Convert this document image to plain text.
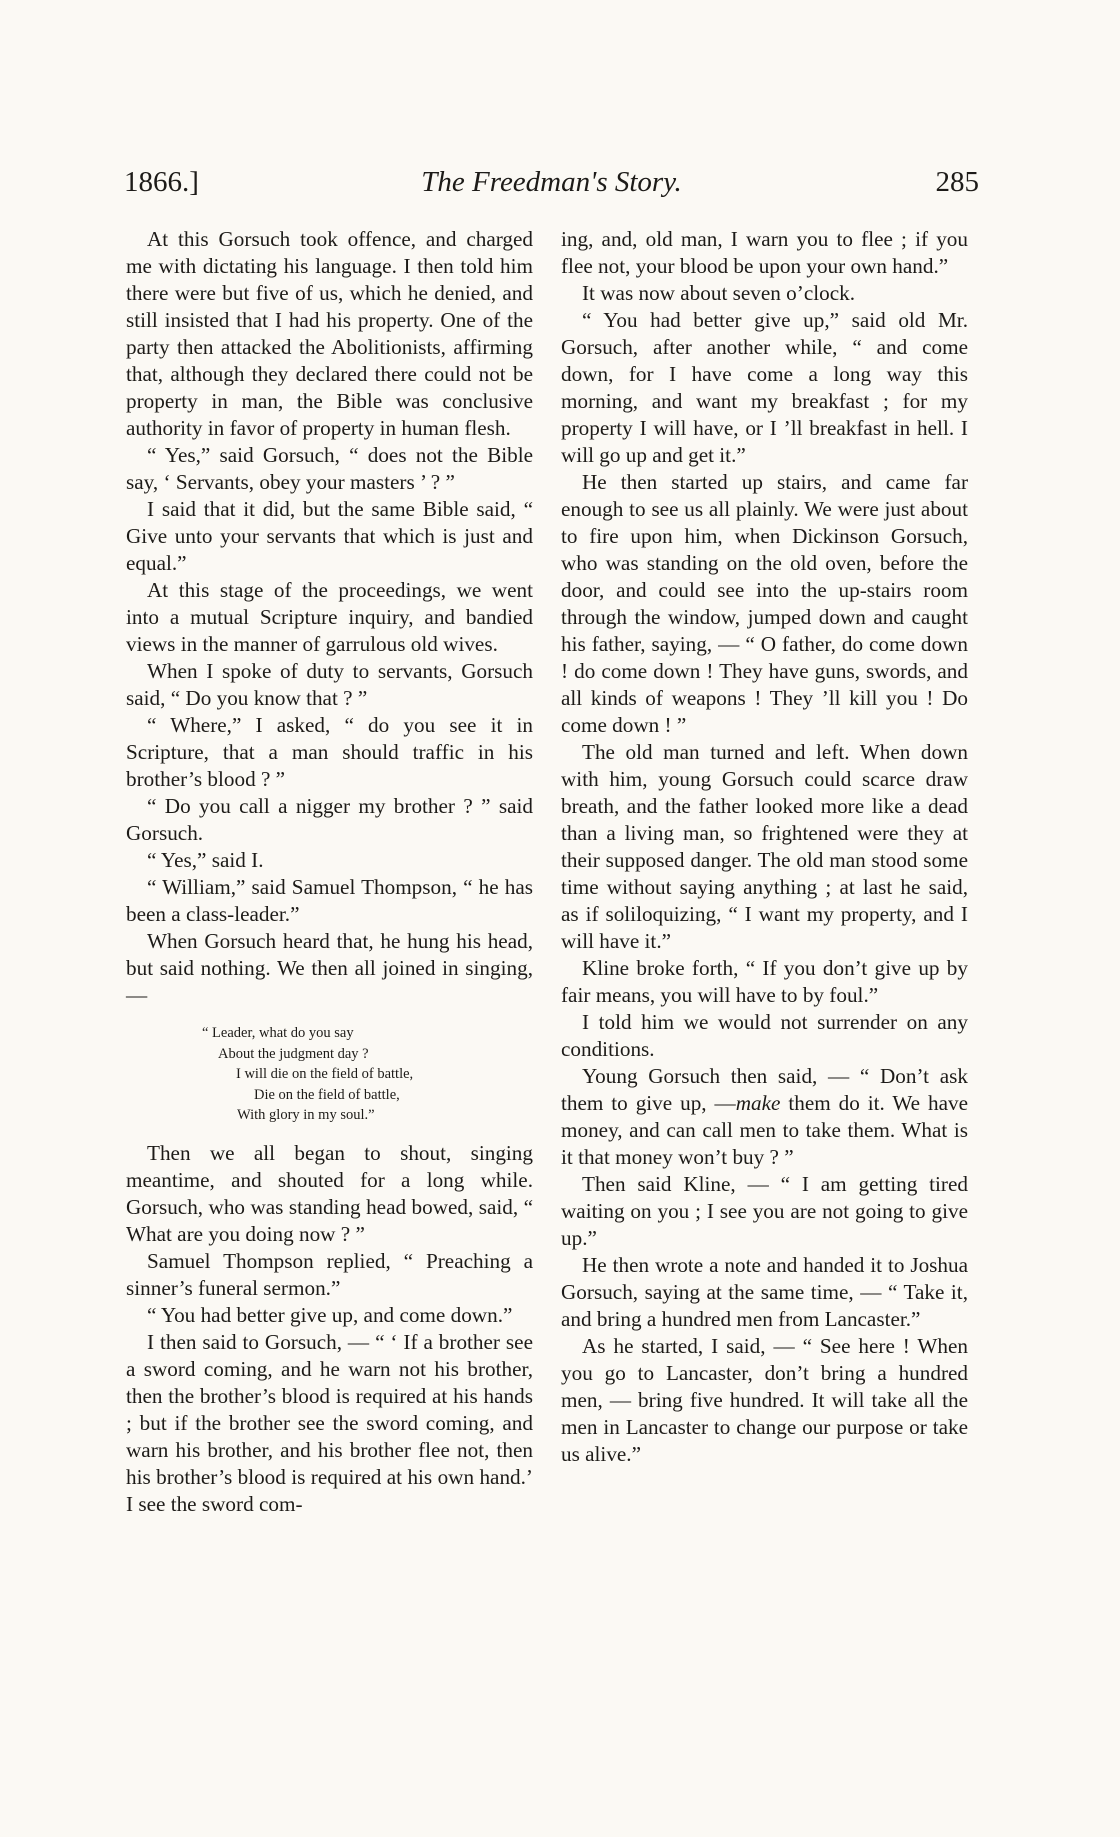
1866.]	The Freedman's Story.	285

At this Gorsuch took offence, and charged me with dictating his language. I then told him there were but five of us, which he denied, and still insisted that I had his property. One of the party then attacked the Abolitionists, affirming that, although they declared there could not be property in man, the Bible was conclusive authority in favor of property in human flesh.

“ Yes,” said Gorsuch, “ does not the Bible say, ‘ Servants, obey your masters ’ ? ”

I said that it did, but the same Bible said, “ Give unto your servants that which is just and equal.”

At this stage of the proceedings, we went into a mutual Scripture inquiry, and bandied views in the manner of garrulous old wives.

When I spoke of duty to servants, Gorsuch said, “ Do you know that ? ”

“ Where,” I asked, “ do you see it in Scripture, that a man should traffic in his brother’s blood ? ”

“ Do you call a nigger my brother ? ” said Gorsuch.

“ Yes,” said I.

“ William,” said Samuel Thompson, “ he has been a class-leader.”

When Gorsuch heard that, he hung his head, but said nothing. We then all joined in singing, —

“ Leader, what do you say
About the judgment day ?
I will die on the field of battle,
Die on the field of battle,
With glory in my soul.”

Then we all began to shout, singing meantime, and shouted for a long while. Gorsuch, who was standing head bowed, said, “ What are you doing now ? ”

Samuel Thompson replied, “ Preaching a sinner’s funeral sermon.”

“ You had better give up, and come down.”

I then said to Gorsuch, — “ ‘ If a brother see a sword coming, and he warn not his brother, then the brother’s blood is required at his hands ; but if the brother see the sword coming, and warn his brother, and his brother flee not, then his brother’s blood is required at his own hand.’ I see the sword com-

ing, and, old man, I warn you to flee ; if you flee not, your blood be upon your own hand.”

It was now about seven o’clock.

“ You had better give up,” said old Mr. Gorsuch, after another while, “ and come down, for I have come a long way this morning, and want my breakfast ; for my property I will have, or I ’ll breakfast in hell. I will go up and get it.”

He then started up stairs, and came far enough to see us all plainly. We were just about to fire upon him, when Dickinson Gorsuch, who was standing on the old oven, before the door, and could see into the up-stairs room through the window, jumped down and caught his father, saying, — “ O father, do come down ! do come down ! They have guns, swords, and all kinds of weapons ! They ’ll kill you ! Do come down ! ”

The old man turned and left. When down with him, young Gorsuch could scarce draw breath, and the father looked more like a dead than a living man, so frightened were they at their supposed danger. The old man stood some time without saying anything ; at last he said, as if soliloquizing, “ I want my property, and I will have it.”

Kline broke forth, “ If you don’t give up by fair means, you will have to by foul.”

I told him we would not surrender on any conditions.

Young Gorsuch then said, — “ Don’t ask them to give up, —make them do it. We have money, and can call men to take them. What is it that money won’t buy ? ”

Then said Kline, — “ I am getting tired waiting on you ; I see you are not going to give up.”

He then wrote a note and handed it to Joshua Gorsuch, saying at the same time, — “ Take it, and bring a hundred men from Lancaster.”

As he started, I said, — “ See here ! When you go to Lancaster, don’t bring a hundred men, — bring five hundred. It will take all the men in Lancaster to change our purpose or take us alive.”
